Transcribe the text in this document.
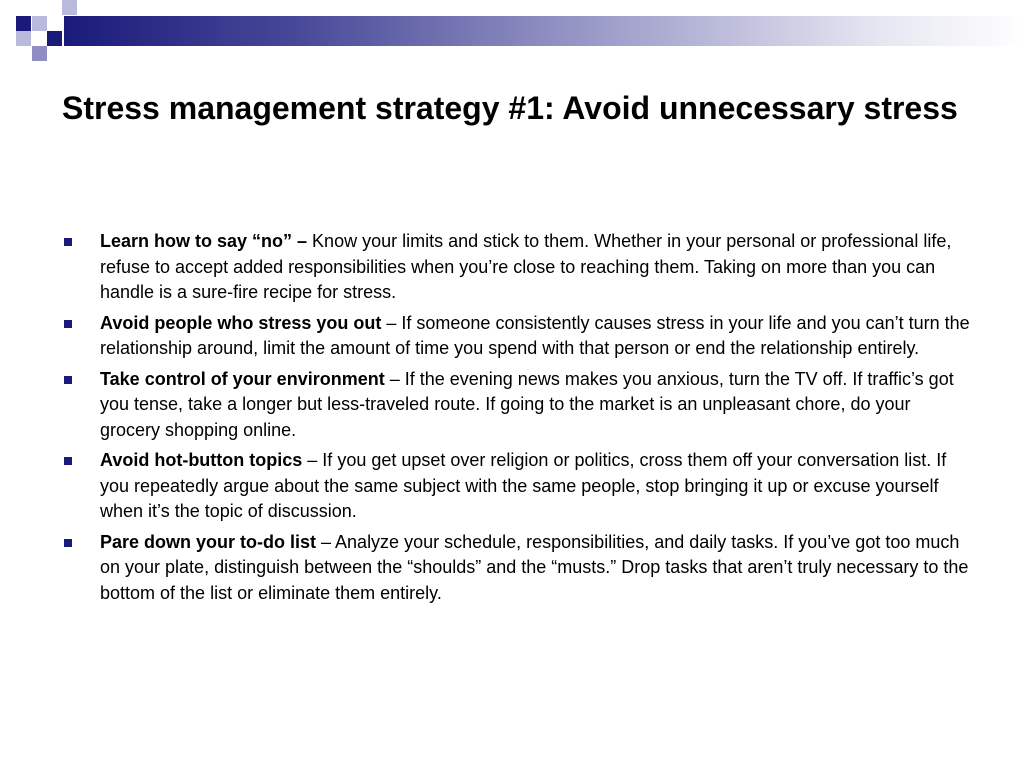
Stress management strategy #1: Avoid unnecessary stress
Learn how to say “no” – Know your limits and stick to them. Whether in your personal or professional life, refuse to accept added responsibilities when you’re close to reaching them. Taking on more than you can handle is a sure-fire recipe for stress.
Avoid people who stress you out – If someone consistently causes stress in your life and you can’t turn the relationship around, limit the amount of time you spend with that person or end the relationship entirely.
Take control of your environment – If the evening news makes you anxious, turn the TV off. If traffic’s got you tense, take a longer but less-traveled route. If going to the market is an unpleasant chore, do your grocery shopping online.
Avoid hot-button topics – If you get upset over religion or politics, cross them off your conversation list. If you repeatedly argue about the same subject with the same people, stop bringing it up or excuse yourself when it’s the topic of discussion.
Pare down your to-do list – Analyze your schedule, responsibilities, and daily tasks. If you’ve got too much on your plate, distinguish between the “shoulds” and the “musts.” Drop tasks that aren’t truly necessary to the bottom of the list or eliminate them entirely.
